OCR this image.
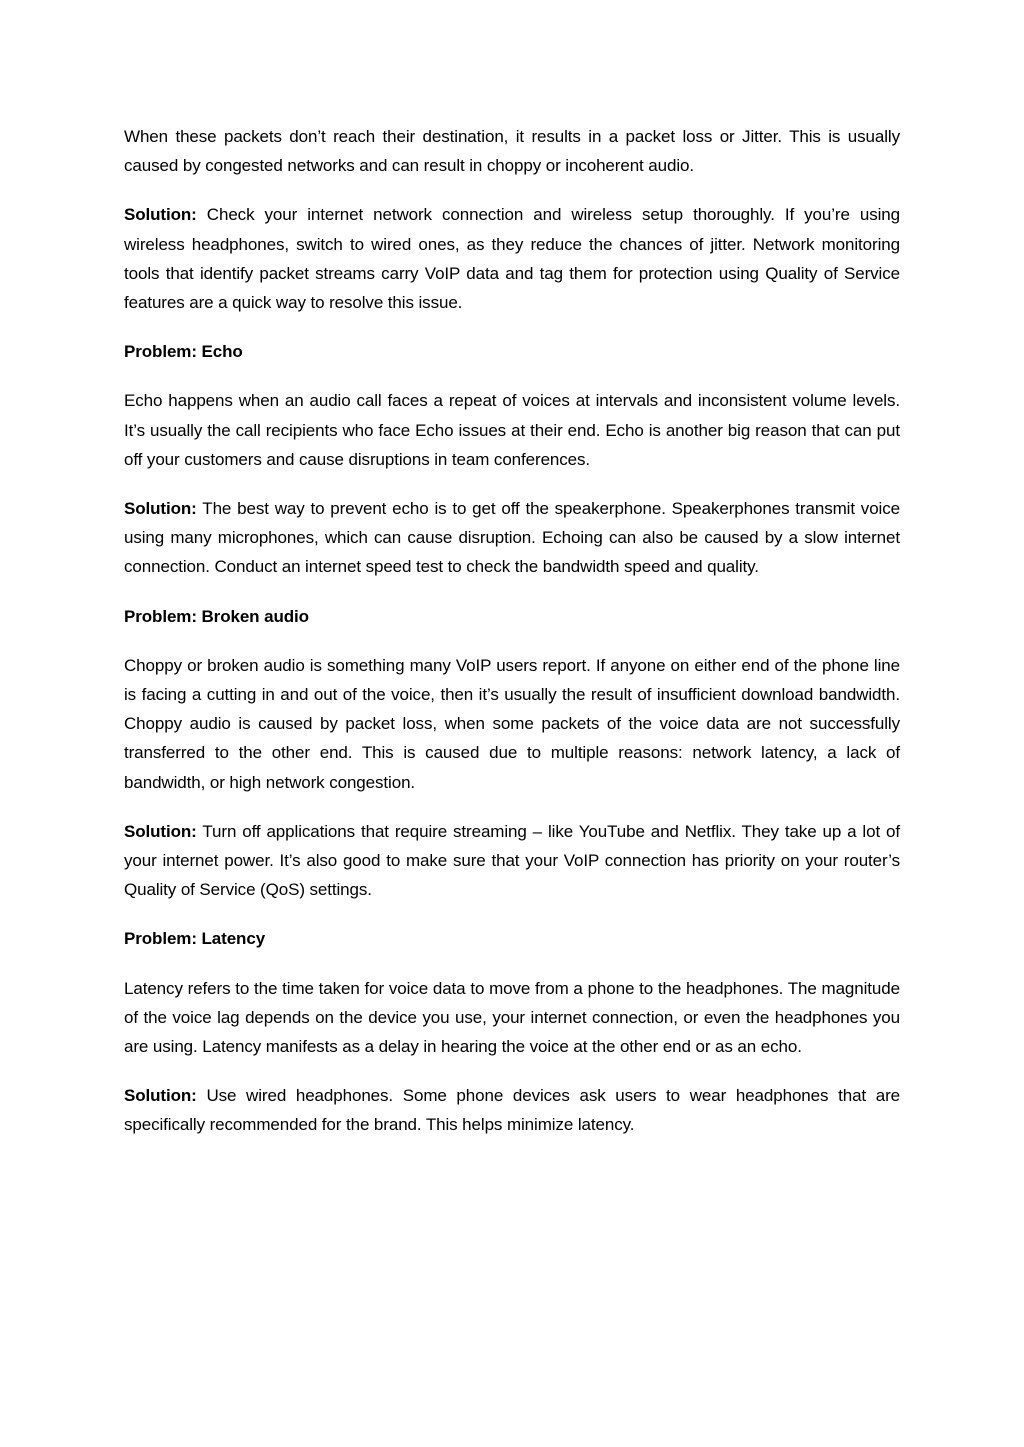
When these packets don’t reach their destination, it results in a packet loss or Jitter. This is usually caused by congested networks and can result in choppy or incoherent audio.

Solution: Check your internet network connection and wireless setup thoroughly. If you’re using wireless headphones, switch to wired ones, as they reduce the chances of jitter. Network monitoring tools that identify packet streams carry VoIP data and tag them for protection using Quality of Service features are a quick way to resolve this issue.

Problem: Echo

Echo happens when an audio call faces a repeat of voices at intervals and inconsistent volume levels. It’s usually the call recipients who face Echo issues at their end. Echo is another big reason that can put off your customers and cause disruptions in team conferences.

Solution: The best way to prevent echo is to get off the speakerphone. Speakerphones transmit voice using many microphones, which can cause disruption. Echoing can also be caused by a slow internet connection. Conduct an internet speed test to check the bandwidth speed and quality.

Problem: Broken audio

Choppy or broken audio is something many VoIP users report. If anyone on either end of the phone line is facing a cutting in and out of the voice, then it’s usually the result of insufficient download bandwidth. Choppy audio is caused by packet loss, when some packets of the voice data are not successfully transferred to the other end. This is caused due to multiple reasons: network latency, a lack of bandwidth, or high network congestion.

Solution: Turn off applications that require streaming – like YouTube and Netflix. They take up a lot of your internet power. It’s also good to make sure that your VoIP connection has priority on your router’s Quality of Service (QoS) settings.

Problem: Latency

Latency refers to the time taken for voice data to move from a phone to the headphones. The magnitude of the voice lag depends on the device you use, your internet connection, or even the headphones you are using. Latency manifests as a delay in hearing the voice at the other end or as an echo.

Solution: Use wired headphones. Some phone devices ask users to wear headphones that are specifically recommended for the brand. This helps minimize latency.
